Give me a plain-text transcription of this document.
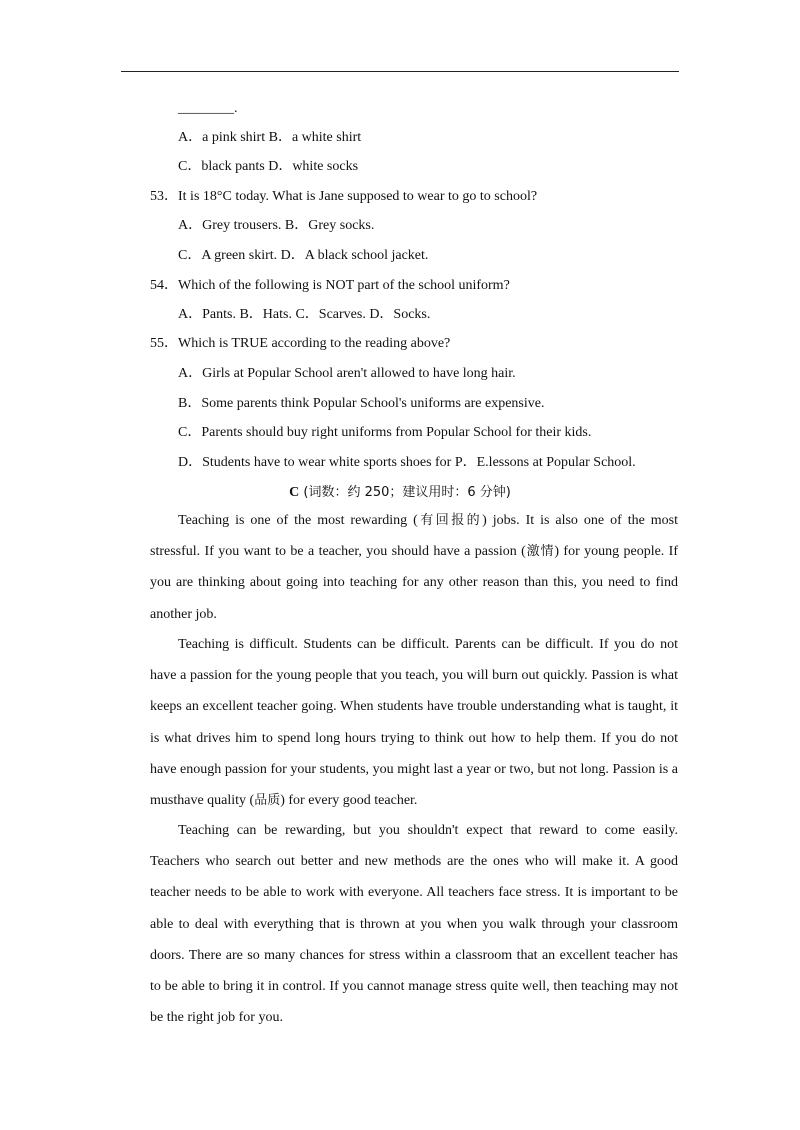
________.
A．a pink shirt B．a white shirt
C．black pants D．white socks
53．It is 18°C today. What is Jane supposed to wear to go to school?
A．Grey trousers. B．Grey socks.
C．A green skirt. D．A black school jacket.
54．Which of the following is NOT part of the school uniform?
A．Pants. B．Hats. C．Scarves. D．Socks.
55．Which is TRUE according to the reading above?
A．Girls at Popular School aren't allowed to have long hair.
B．Some parents think Popular School's uniforms are expensive.
C．Parents should buy right uniforms from Popular School for their kids.
D．Students have to wear white sports shoes for P．E.lessons at Popular School.
C (词数：约 250；建议用时：6 分钟)

Teaching is one of the most rewarding (有回报的) jobs. It is also one of the most stressful. If you want to be a teacher, you should have a passion (激情) for young people. If you are thinking about going into teaching for any other reason than this, you need to find another job.

Teaching is difficult. Students can be difficult. Parents can be difficult. If you do not have a passion for the young people that you teach, you will burn out quickly. Passion is what keeps an excellent teacher going. When students have trouble understanding what is taught, it is what drives him to spend long hours trying to think out how to help them. If you do not have enough passion for your students, you might last a year or two, but not long. Passion is a musthave quality (品质) for every good teacher.

Teaching can be rewarding, but you shouldn't expect that reward to come easily. Teachers who search out better and new methods are the ones who will make it. A good teacher needs to be able to work with everyone. All teachers face stress. It is important to be able to deal with everything that is thrown at you when you walk through your classroom doors. There are so many chances for stress within a classroom that an excellent teacher has to be able to bring it in control. If you cannot manage stress quite well, then teaching may not be the right job for you.
